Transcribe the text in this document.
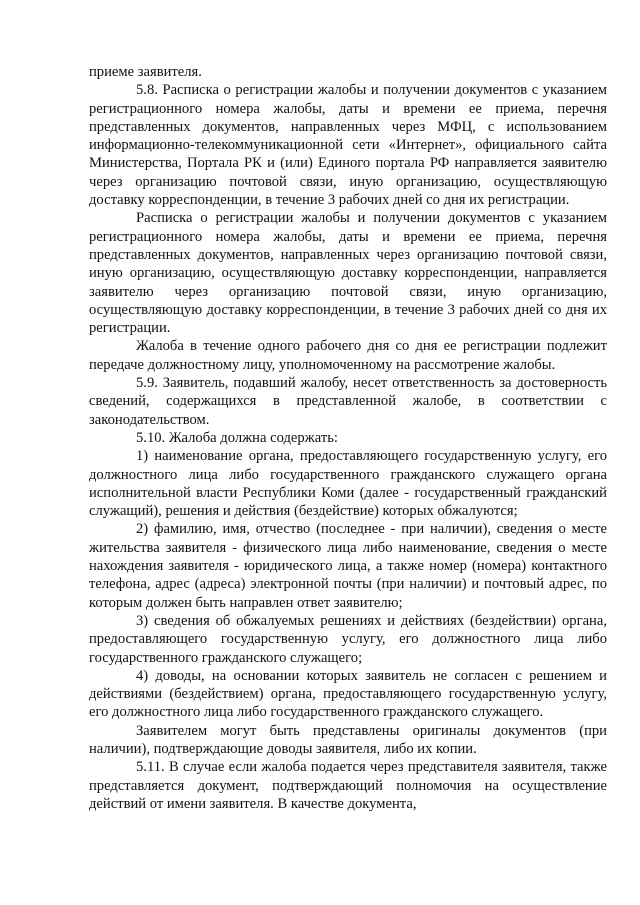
приеме заявителя.

5.8. Расписка о регистрации жалобы и получении документов с указанием регистрационного номера жалобы, даты и времени ее приема, перечня представленных документов, направленных через МФЦ, с использованием информационно-телекоммуникационной сети «Интернет», официального сайта Министерства, Портала РК и (или) Единого портала РФ направляется заявителю через организацию почтовой связи, иную организацию, осуществляющую доставку корреспонденции, в течение 3 рабочих дней со дня их регистрации.

Расписка о регистрации жалобы и получении документов с указанием регистрационного номера жалобы, даты и времени ее приема, перечня представленных документов, направленных через организацию почтовой связи, иную организацию, осуществляющую доставку корреспонденции, направляется заявителю через организацию почтовой связи, иную организацию, осуществляющую доставку корреспонденции, в течение 3 рабочих дней со дня их регистрации.

Жалоба в течение одного рабочего дня со дня ее регистрации подлежит передаче должностному лицу, уполномоченному на рассмотрение жалобы.

5.9. Заявитель, подавший жалобу, несет ответственность за достоверность сведений, содержащихся в представленной жалобе, в соответствии с законодательством.

5.10. Жалоба должна содержать:

1) наименование органа, предоставляющего государственную услугу, его должностного лица либо государственного гражданского служащего органа исполнительной власти Республики Коми (далее - государственный гражданский служащий), решения и действия (бездействие) которых обжалуются;

2) фамилию, имя, отчество (последнее - при наличии), сведения о месте жительства заявителя - физического лица либо наименование, сведения о месте нахождения заявителя - юридического лица, а также номер (номера) контактного телефона, адрес (адреса) электронной почты (при наличии) и почтовый адрес, по которым должен быть направлен ответ заявителю;

3) сведения об обжалуемых решениях и действиях (бездействии) органа, предоставляющего государственную услугу, его должностного лица либо государственного гражданского служащего;

4) доводы, на основании которых заявитель не согласен с решением и действиями (бездействием) органа, предоставляющего государственную услугу, его должностного лица либо государственного гражданского служащего.

Заявителем могут быть представлены оригиналы документов (при наличии), подтверждающие доводы заявителя, либо их копии.

5.11. В случае если жалоба подается через представителя заявителя, также представляется документ, подтверждающий полномочия на осуществление действий от имени заявителя. В качестве документа,
